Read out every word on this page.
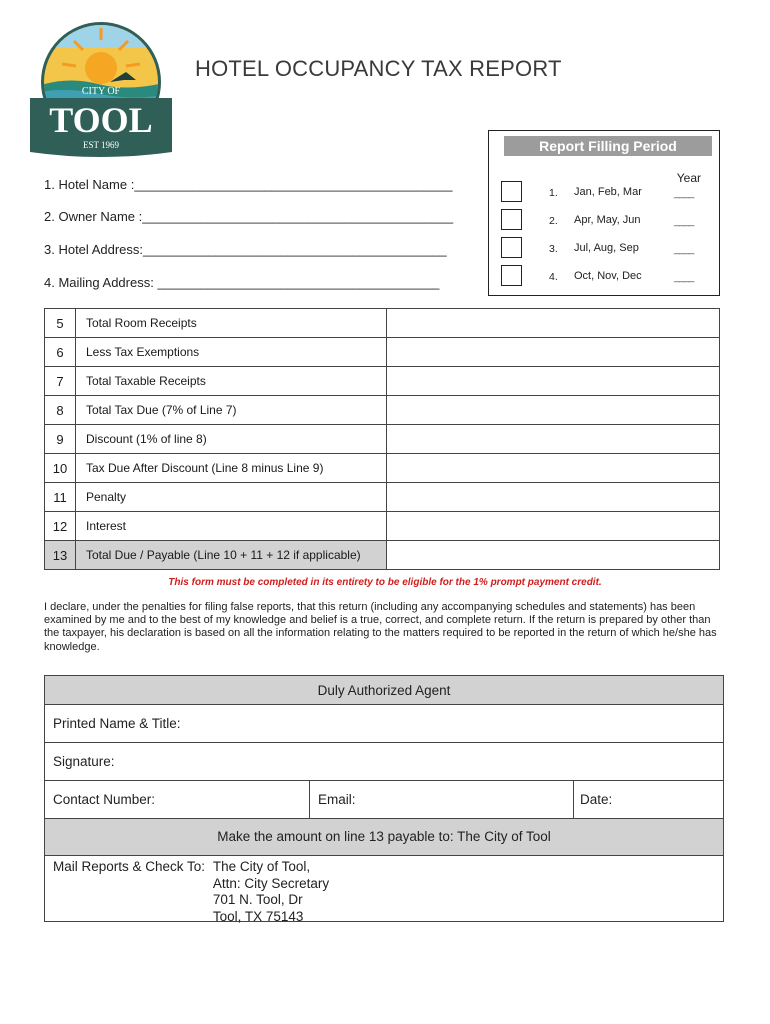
CITY OF
TOOL
EST 1969
HOTEL OCCUPANCY TAX REPORT
Report Filling Period
Year
1. Jan, Feb, Mar	____
2. Apr, May, Jun	____
3. Jul, Aug, Sep	____
4. Oct, Nov, Dec	____
1. Hotel Name :____________________________________________
2. Owner Name :___________________________________________
3. Hotel Address:__________________________________________
4. Mailing Address: _______________________________________
5	Total Room Receipts	
6	Less Tax Exemptions	
7	Total Taxable Receipts	
8	Total Tax Due (7% of Line 7)	
9	Discount (1% of line 8)	
10	Tax Due After Discount (Line 8 minus Line 9)	
11	Penalty	
12	Interest	
13	Total Due / Payable (Line 10 + 11 + 12 if applicable)	
This form must be completed in its entirety to be eligible for the 1% prompt payment credit.
I declare, under the penalties for filing false reports, that this return (including any accompanying schedules and statements) has been examined by me and to the best of my knowledge and belief is a true, correct, and complete return. If the return is prepared by other than the taxpayer, his declaration is based on all the information relating to the matters required to be reported in the return of which he/she has knowledge.
Duly Authorized Agent
Printed Name & Title:
Signature:
Contact Number:	Email:	Date:
Make the amount on line 13 payable to: The City of Tool
Mail Reports & Check To: The City of Tool,
Attn: City Secretary
701 N. Tool, Dr
Tool, TX 75143
